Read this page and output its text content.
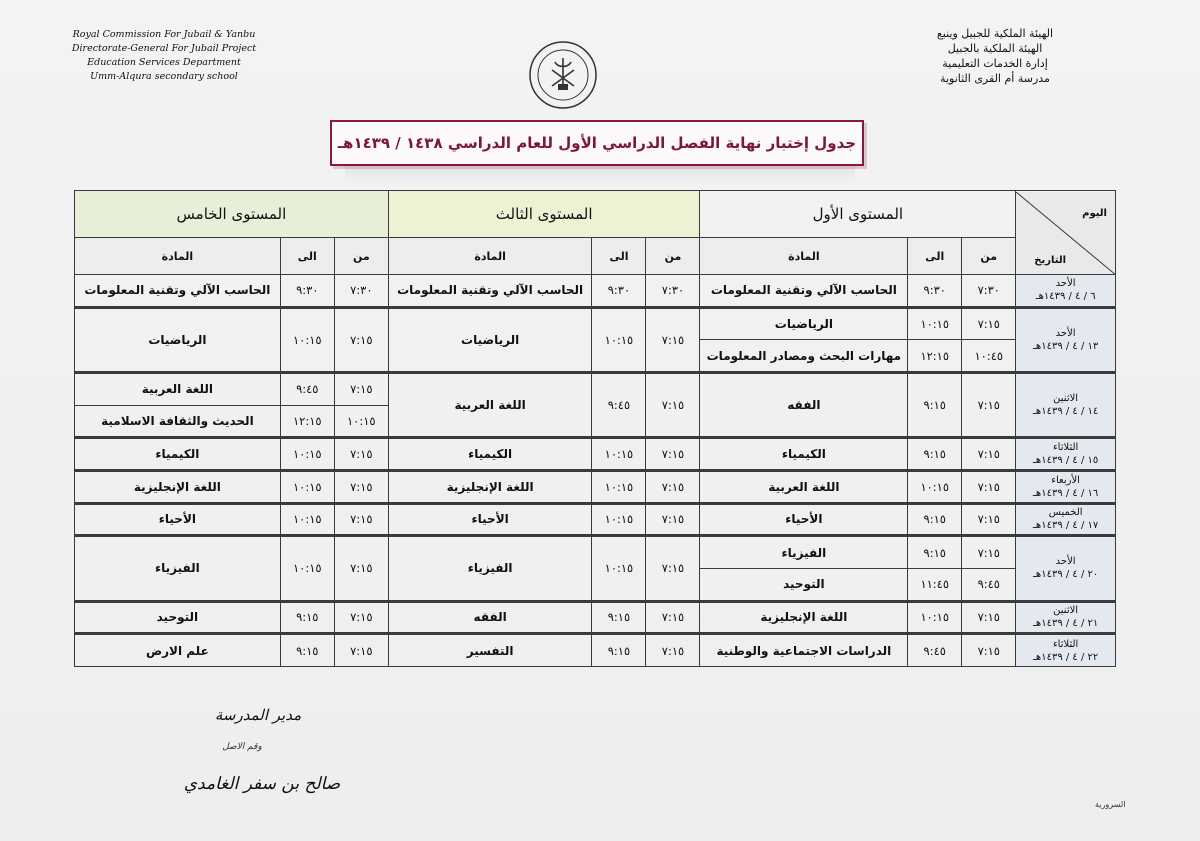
Royal Commission For Jubail & Yanbu
Directorate-General For Jubail Project
Education Services Department
Umm-Alqura secondary school
الهيئة الملكية للجبيل وينبع
الهيئة الملكية بالجبيل
إدارة الخدمات التعليمية
مدرسة أم القرى الثانوية
جدول إختبار نهاية الفصل الدراسي الأول للعام الدراسي ١٤٣٨ / ١٤٣٩هـ
اليوم
التاريخ	المستوى الأول			المستوى الثالث			المستوى الخامس		
	من	الى	المادة	من	الى	المادة	من	الى	المادة

الأحد
٦ / ٤ / ١٤٣٩هـ	٧:٣٠	٩:٣٠	الحاسب الآلي وتقنية المعلومات	٧:٣٠	٩:٣٠	الحاسب الآلي وتقنية المعلومات	٧:٣٠	٩:٣٠	الحاسب الآلي وتقنية المعلومات

الأحد
١٣ / ٤ / ١٤٣٩هـ	٧:١٥	١٠:١٥	الرياضيات	٧:١٥	١٠:١٥	الرياضيات	٧:١٥	١٠:١٥	الرياضيات
	١٠:٤٥	١٢:١٥	مهارات البحث ومصادر المعلومات						

الاثنين
١٤ / ٤ / ١٤٣٩هـ	٧:١٥	٩:١٥	الفقه	٧:١٥	٩:٤٥	اللغة العربية	٧:١٥	٩:٤٥	اللغة العربية
							١٠:١٥	١٢:١٥	الحديث والثقافة الاسلامية

الثلاثاء
١٥ / ٤ / ١٤٣٩هـ	٧:١٥	٩:١٥	الكيمياء	٧:١٥	١٠:١٥	الكيمياء	٧:١٥	١٠:١٥	الكيمياء

الأربعاء
١٦ / ٤ / ١٤٣٩هـ	٧:١٥	١٠:١٥	اللغة العربية	٧:١٥	١٠:١٥	اللغة الإنجليزية	٧:١٥	١٠:١٥	اللغة الإنجليزية

الخميس
١٧ / ٤ / ١٤٣٩هـ	٧:١٥	٩:١٥	الأحياء	٧:١٥	١٠:١٥	الأحياء	٧:١٥	١٠:١٥	الأحياء

الأحد
٢٠ / ٤ / ١٤٣٩هـ	٧:١٥	٩:١٥	الفيزياء	٧:١٥	١٠:١٥	الفيزياء	٧:١٥	١٠:١٥	الفيزياء
	٩:٤٥	١١:٤٥	التوحيد						

الاثنين
٢١ / ٤ / ١٤٣٩هـ	٧:١٥	١٠:١٥	اللغة الإنجليزية	٧:١٥	٩:١٥	الفقه	٧:١٥	٩:١٥	التوحيد

الثلاثاء
٢٢ / ٤ / ١٤٣٩هـ	٧:١٥	٩:٤٥	الدراسات الاجتماعية والوطنية	٧:١٥	٩:١٥	التفسير	٧:١٥	٩:١٥	علم الارض
مدير المدرسة
وقم الاصل
صالح بن سفر الغامدي
السرورية
